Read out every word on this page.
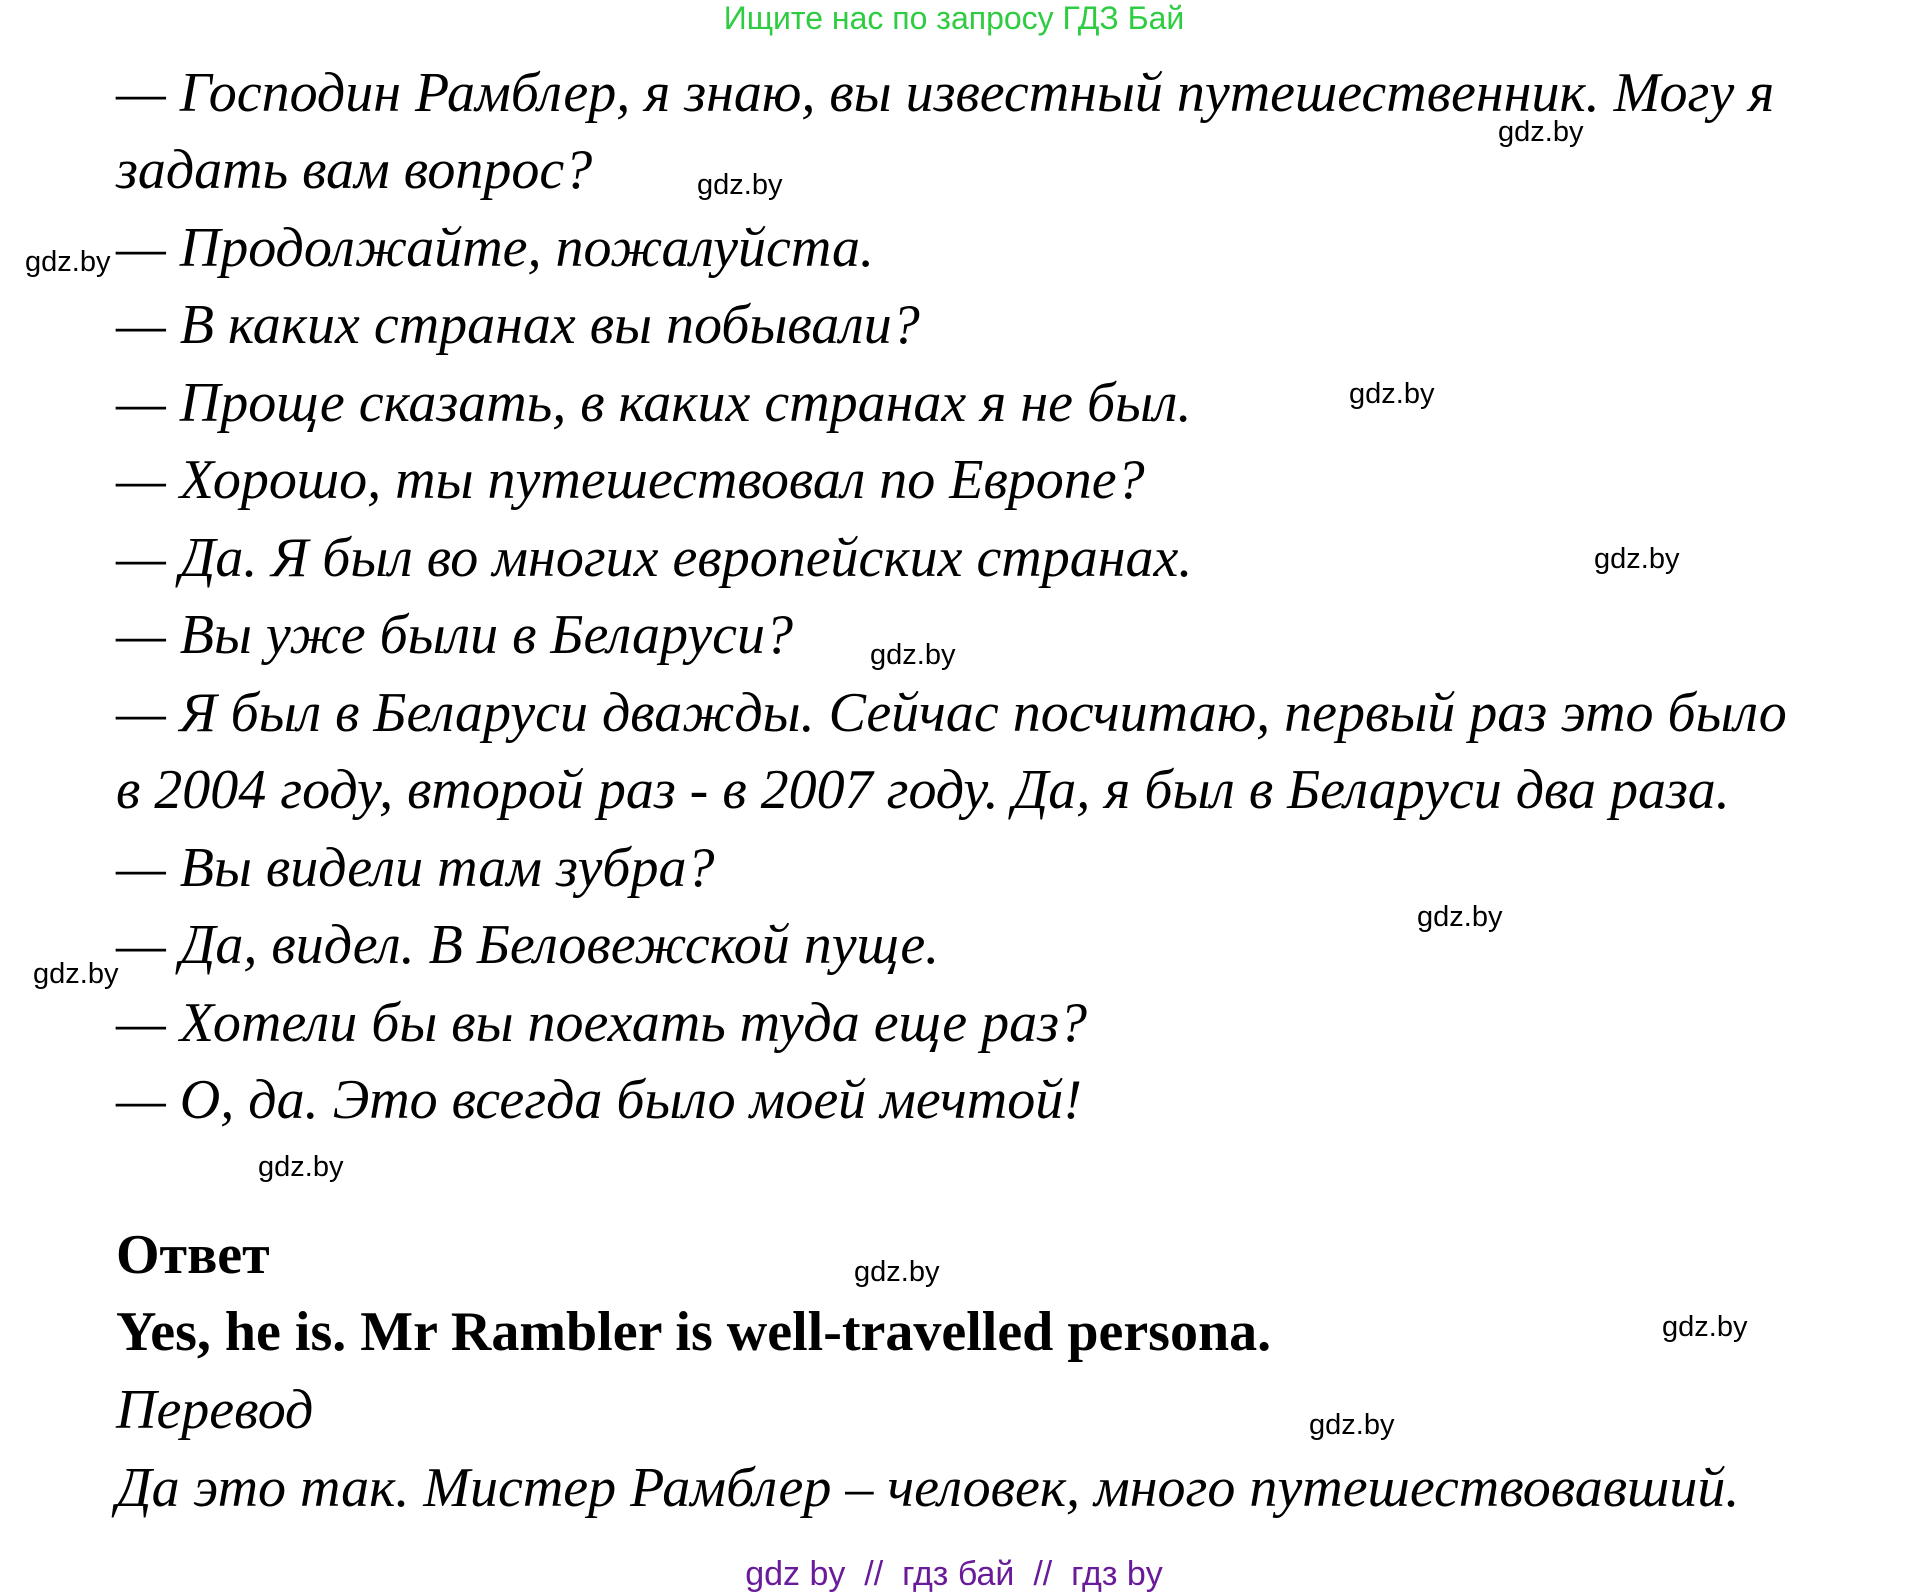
Ищите нас по запросу ГДЗ Бай
— Господин Рамблер, я знаю, вы известный путешественник. Могу я
задать вам вопрос?
— Продолжайте, пожалуйста.
— В каких странах вы побывали?
— Проще сказать, в каких странах я не был.
— Хорошо, ты путешествовал по Европе?
— Да. Я был во многих европейских странах.
— Вы уже были в Беларуси?
— Я был в Беларуси дважды. Сейчас посчитаю, первый раз это было
в 2004 году, второй раз - в 2007 году. Да, я был в Беларуси два раза.
— Вы видели там зубра?
— Да, видел. В Беловежской пуще.
— Хотели бы вы поехать туда еще раз?
— О, да. Это всегда было моей мечтой!
Ответ
Yes, he is. Mr Rambler is well-travelled persona.
Перевод
Да это так. Мистер Рамблер – человек, много путешествовавший.
gdz.by
gdz.by
gdz.by
gdz.by
gdz.by
gdz.by
gdz.by
gdz.by
gdz.by
gdz.by
gdz.by
gdz.by
gdz by  //  гдз бай  //  гдз by
